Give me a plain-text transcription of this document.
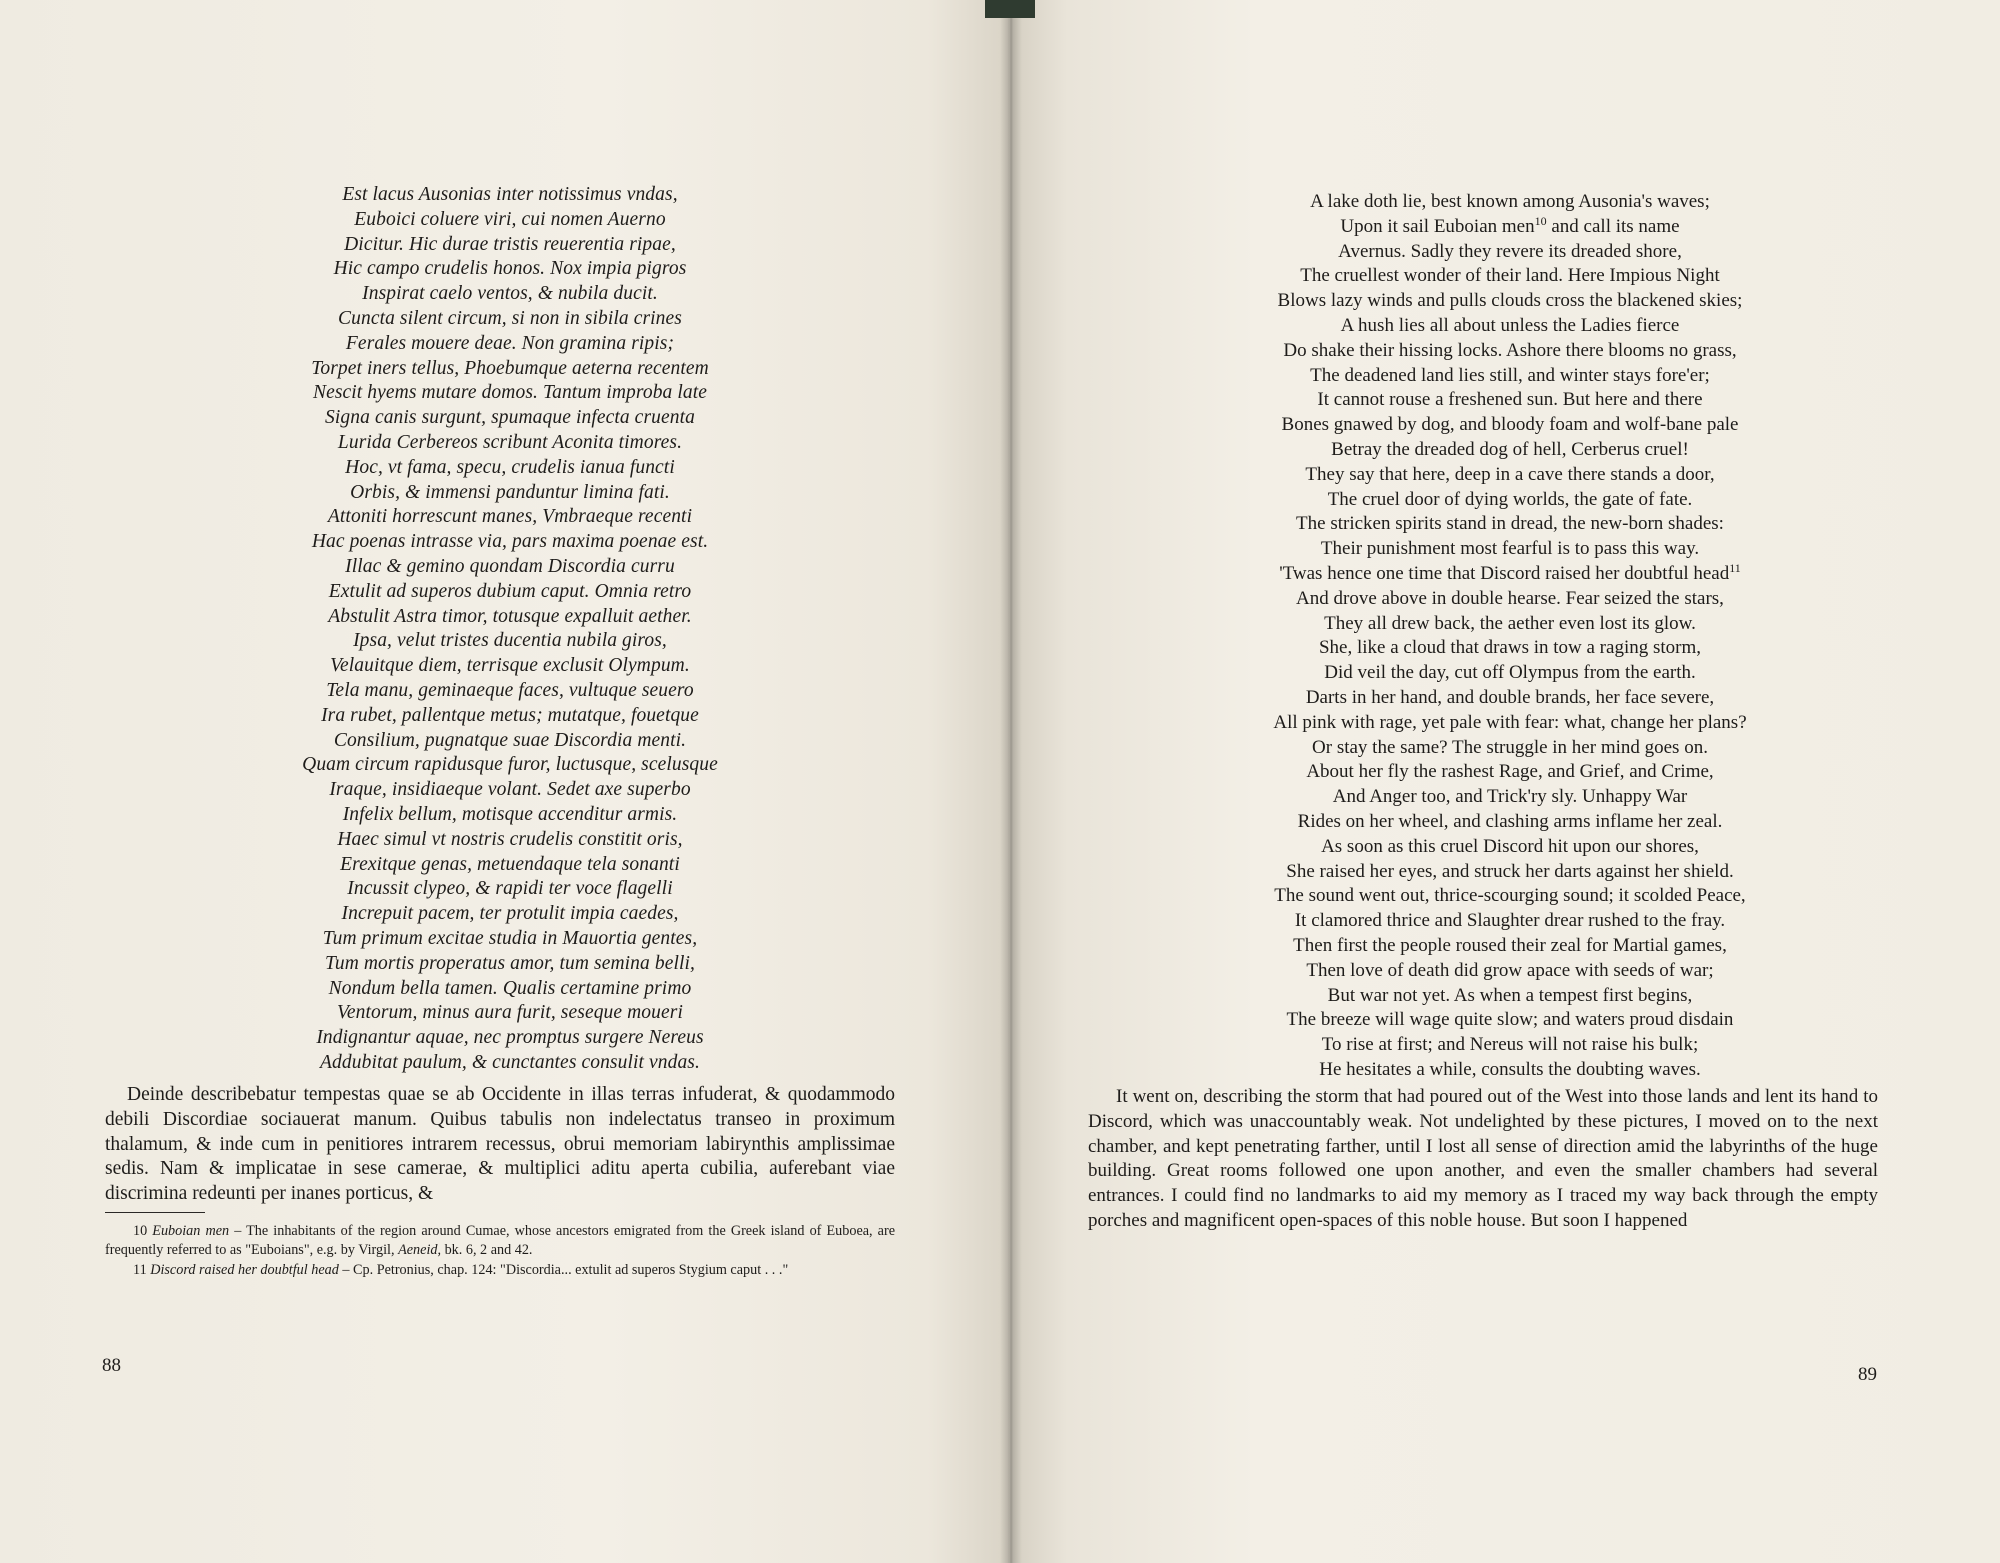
Est lacus Ausonias inter notissimus vndas,
Euboici coluere viri, cui nomen Auerno
Dicitur. Hic durae tristis reuerentia ripae,
Hic campo crudelis honos. Nox impia pigros
Inspirat caelo ventos, & nubila ducit.
Cuncta silent circum, si non in sibila crines
Ferales mouere deae. Non gramina ripis;
Torpet iners tellus, Phoebumque aeterna recentem
Nescit hyems mutare domos. Tantum improba late
Signa canis surgunt, spumaque infecta cruenta
Lurida Cerbereos scribunt Aconita timores.
Hoc, vt fama, specu, crudelis ianua functi
Orbis, & immensi panduntur limina fati.
Attoniti horrescunt manes, Vmbraeque recenti
Hac poenas intrasse via, pars maxima poenae est.
Illac & gemino quondam Discordia curru
Extulit ad superos dubium caput. Omnia retro
Abstulit Astra timor, totusque expalluit aether.
Ipsa, velut tristes ducentia nubila giros,
Velauitque diem, terrisque exclusit Olympum.
Tela manu, geminaeque faces, vultuque seuero
Ira rubet, pallentque metus; mutatque, fouetque
Consilium, pugnatque suae Discordia menti.
Quam circum rapidusque furor, luctusque, scelusque
Iraque, insidiaeque volant. Sedet axe superbo
Infelix bellum, motisque accenditur armis.
Haec simul vt nostris crudelis constitit oris,
Erexitque genas, metuendaque tela sonanti
Incussit clypeo, & rapidi ter voce flagelli
Increpuit pacem, ter protulit impia caedes,
Tum primum excitae studia in Mauortia gentes,
Tum mortis properatus amor, tum semina belli,
Nondum bella tamen. Qualis certamine primo
Ventorum, minus aura furit, seseque moueri
Indignantur aquae, nec promptus surgere Nereus
Addubitat paulum, & cunctantes consulit vndas.

Deinde describebatur tempestas quae se ab Occidente in illas terras infuderat, & quodammodo debili Discordiae sociauerat manum. Quibus tabulis non indelectatus transeo in proximum thalamum, & inde cum in penitiores intrarem recessus, obrui memoriam labirynthis amplissimae sedis. Nam & implicatae in sese camerae, & multiplici aditu aperta cubilia, auferebant viae discrimina redeunti per inanes porticus, &

10 Euboian men – The inhabitants of the region around Cumae, whose ancestors emigrated from the Greek island of Euboea, are frequently referred to as "Euboians", e.g. by Virgil, Aeneid, bk. 6, 2 and 42.

11 Discord raised her doubtful head – Cp. Petronius, chap. 124: "Discordia... extulit ad superos Stygium caput . . ."

88
A lake doth lie, best known among Ausonia's waves;
Upon it sail Euboian men$^{10}$ and call its name
Avernus. Sadly they revere its dreaded shore,
The cruellest wonder of their land. Here Impious Night
Blows lazy winds and pulls clouds cross the blackened skies;
A hush lies all about unless the Ladies fierce
Do shake their hissing locks. Ashore there blooms no grass,
The deadened land lies still, and winter stays fore'er;
It cannot rouse a freshened sun. But here and there
Bones gnawed by dog, and bloody foam and wolf-bane pale
Betray the dreaded dog of hell, Cerberus cruel!
They say that here, deep in a cave there stands a door,
The cruel door of dying worlds, the gate of fate.
The stricken spirits stand in dread, the new-born shades:
Their punishment most fearful is to pass this way.
'Twas hence one time that Discord raised her doubtful head$^{11}$
And drove above in double hearse. Fear seized the stars,
They all drew back, the aether even lost its glow.
She, like a cloud that draws in tow a raging storm,
Did veil the day, cut off Olympus from the earth.
Darts in her hand, and double brands, her face severe,
All pink with rage, yet pale with fear: what, change her plans?
Or stay the same? The struggle in her mind goes on.
About her fly the rashest Rage, and Grief, and Crime,
And Anger too, and Trick'ry sly. Unhappy War
Rides on her wheel, and clashing arms inflame her zeal.
As soon as this cruel Discord hit upon our shores,
She raised her eyes, and struck her darts against her shield.
The sound went out, thrice-scourging sound; it scolded Peace,
It clamored thrice and Slaughter drear rushed to the fray.
Then first the people roused their zeal for Martial games,
Then love of death did grow apace with seeds of war;
But war not yet. As when a tempest first begins,
The breeze will wage quite slow; and waters proud disdain
To rise at first; and Nereus will not raise his bulk;
He hesitates a while, consults the doubting waves.

It went on, describing the storm that had poured out of the West into those lands and lent its hand to Discord, which was unaccountably weak. Not undelighted by these pictures, I moved on to the next chamber, and kept penetrating farther, until I lost all sense of direction amid the labyrinths of the huge building. Great rooms followed one upon another, and even the smaller chambers had several entrances. I could find no landmarks to aid my memory as I traced my way back through the empty porches and magnificent open-spaces of this noble house. But soon I happened

89
